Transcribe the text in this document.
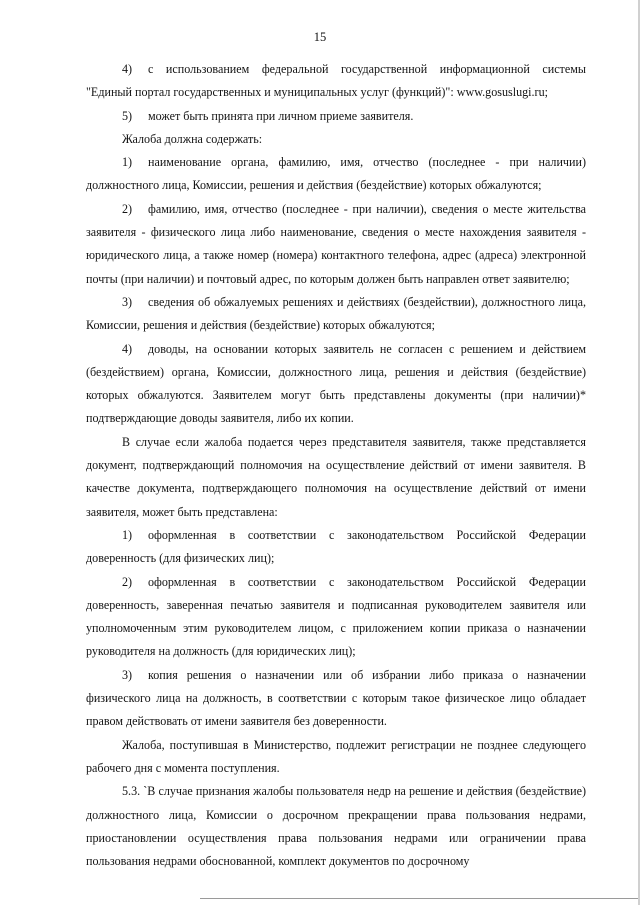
15

4) с использованием федеральной государственной информационной системы "Единый портал государственных и муниципальных услуг (функций)": www.gosuslugi.ru;

5) может быть принята при личном приеме заявителя.

Жалоба должна содержать:

1) наименование органа, фамилию, имя, отчество (последнее - при наличии) должностного лица, Комиссии, решения и действия (бездействие) которых обжалуются;

2) фамилию, имя, отчество (последнее - при наличии), сведения о месте жительства заявителя - физического лица либо наименование, сведения о месте нахождения заявителя - юридического лица, а также номер (номера) контактного телефона, адрес (адреса) электронной почты (при наличии) и почтовый адрес, по которым должен быть направлен ответ заявителю;

3) сведения об обжалуемых решениях и действиях (бездействии), должностного лица, Комиссии, решения и действия (бездействие) которых обжалуются;

4) доводы, на основании которых заявитель не согласен с решением и действием (бездействием) органа, Комиссии, должностного лица, решения и действия (бездействие) которых обжалуются. Заявителем могут быть представлены документы (при наличии)* подтверждающие доводы заявителя, либо их копии.

В случае если жалоба подается через представителя заявителя, также представляется документ, подтверждающий полномочия на осуществление действий от имени заявителя. В качестве документа, подтверждающего полномочия на осуществление действий от имени заявителя, может быть представлена:

1) оформленная в соответствии с законодательством Российской Федерации доверенность (для физических лиц);

2) оформленная в соответствии с законодательством Российской Федерации доверенность, заверенная печатью заявителя и подписанная руководителем заявителя или уполномоченным этим руководителем лицом, с приложением копии приказа о назначении руководителя на должность (для юридических лиц);

3) копия решения о назначении или об избрании либо приказа о назначении физического лица на должность, в соответствии с которым такое физическое лицо обладает правом действовать от имени заявителя без доверенности.

Жалоба, поступившая в Министерство, подлежит регистрации не позднее следующего рабочего дня с момента поступления.

5.3. `В случае признания жалобы пользователя недр на решение и действия (бездействие) должностного лица, Комиссии о досрочном прекращении права пользования недрами, приостановлении осуществления права пользования недрами или ограничении права пользования недрами обоснованной, комплект документов по досрочному
